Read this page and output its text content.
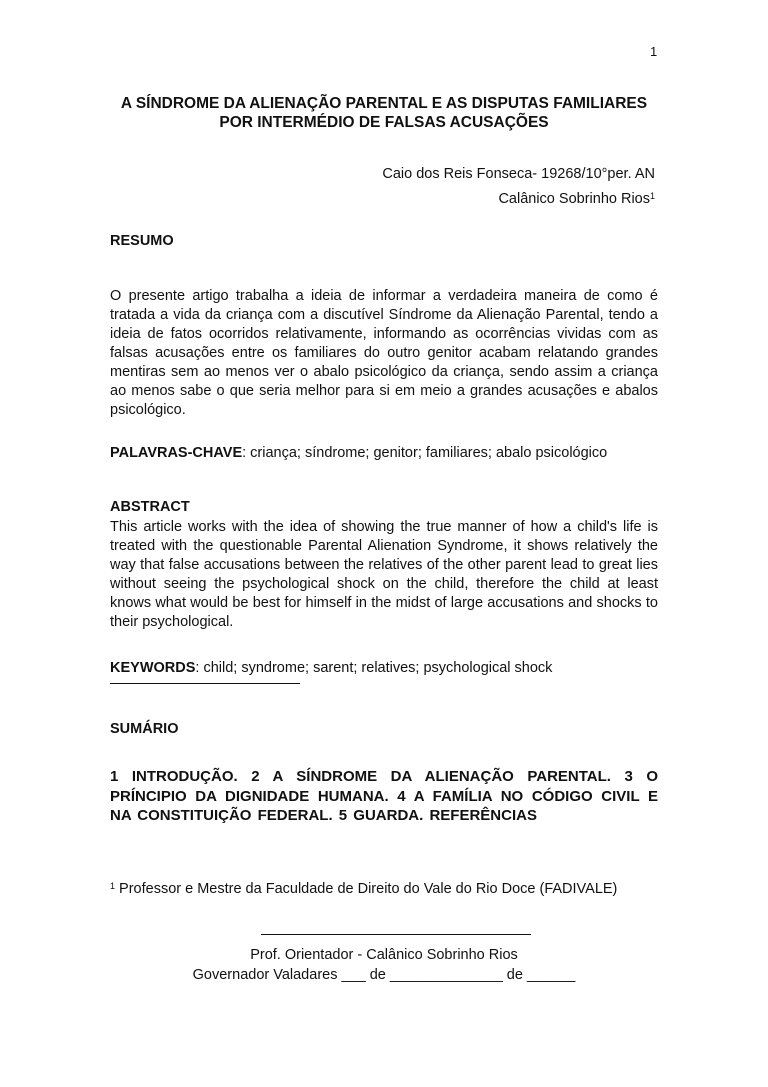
1
A SÍNDROME DA ALIENAÇÃO PARENTAL E AS DISPUTAS FAMILIARES POR INTERMÉDIO DE FALSAS ACUSAÇÕES
Caio dos Reis Fonseca- 19268/10°per. AN
Calânico Sobrinho Rios$^1$
RESUMO
O presente artigo trabalha a ideia de informar a verdadeira maneira de como é tratada a vida da criança com a discutível Síndrome da Alienação Parental, tendo a ideia de fatos ocorridos relativamente, informando as ocorrências vividas com as falsas acusações entre os familiares do outro genitor acabam relatando grandes mentiras sem ao menos ver o abalo psicológico da criança, sendo assim a criança ao menos sabe o que seria melhor para si em meio a grandes acusações e abalos psicológico.
PALAVRAS-CHAVE: criança; síndrome; genitor; familiares; abalo psicológico
ABSTRACT
This article works with the idea of showing the true manner of how a child's life is treated with the questionable Parental Alienation Syndrome, it shows relatively the way that false accusations between the relatives of the other parent lead to great lies without seeing the psychological shock on the child, therefore the child at least knows what would be best for himself in the midst of large accusations and shocks to their psychological.
KEYWORDS: child; syndrome; sarent; relatives; psychological shock
SUMÁRIO
1 INTRODUÇÃO. 2 A SÍNDROME DA ALIENAÇÃO PARENTAL. 3 O PRÍNCIPIO DA DIGNIDADE HUMANA. 4 A FAMÍLIA NO CÓDIGO CIVIL E NA CONSTITUIÇÃO FEDERAL. 5 GUARDA. REFERÊNCIAS
$^1$ Professor e Mestre da Faculdade de Direito do Vale do Rio Doce (FADIVALE)
Prof. Orientador - Calânico Sobrinho Rios
Governador Valadares ___ de ______________ de ______
